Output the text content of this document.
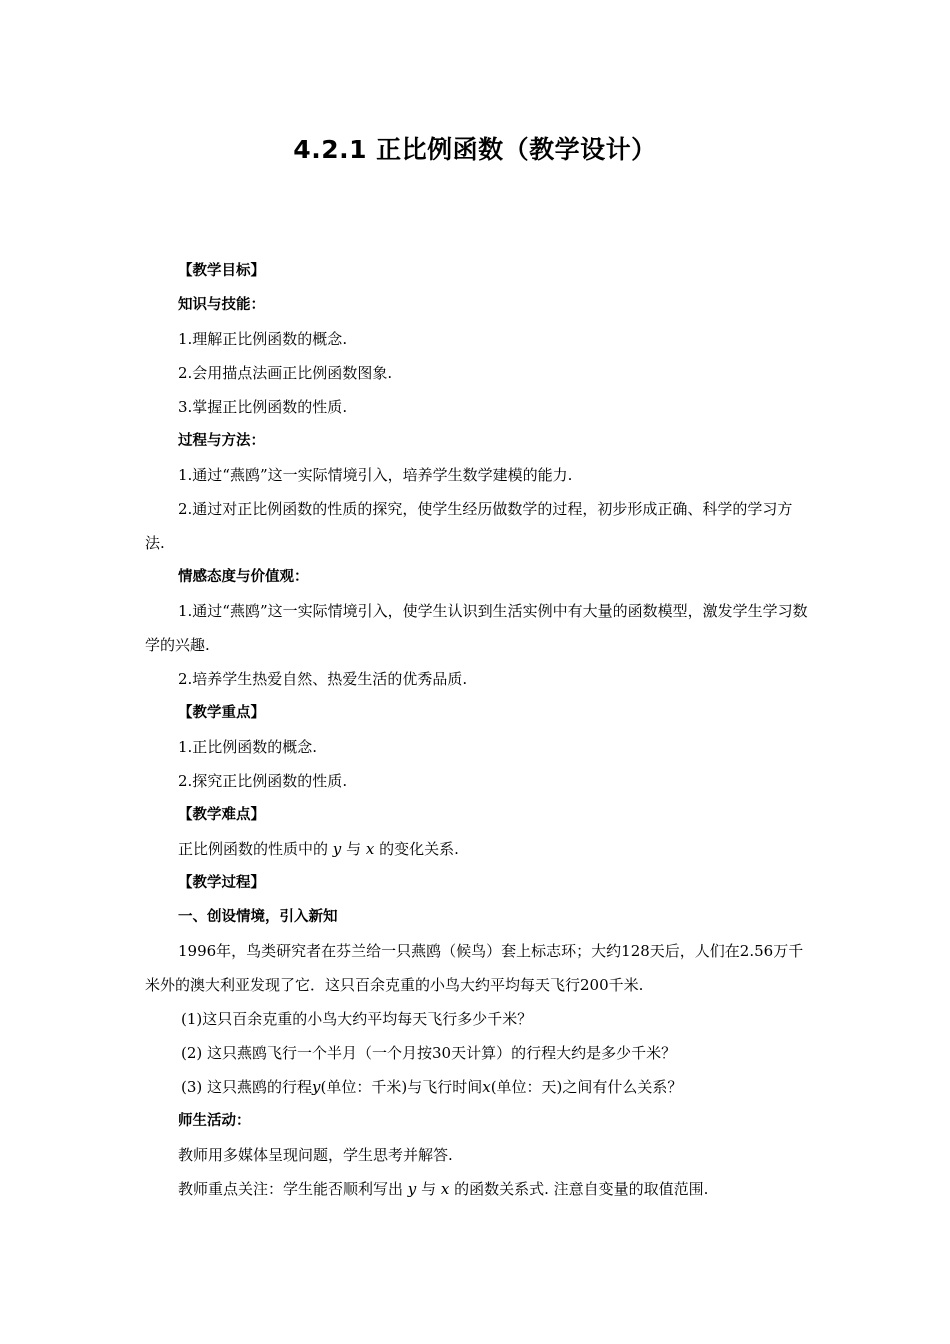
4.2.1 正比例函数（教学设计）

【教学目标】

知识与技能：

1.理解正比例函数的概念.

2.会用描点法画正比例函数图象.

3.掌握正比例函数的性质.

过程与方法：

1.通过“燕鸥”这一实际情境引入，培养学生数学建模的能力.

2.通过对正比例函数的性质的探究，使学生经历做数学的过程，初步形成正确、科学的学习方法.

情感态度与价值观：

1.通过“燕鸥”这一实际情境引入，使学生认识到生活实例中有大量的函数模型，激发学生学习数学的兴趣.

2.培养学生热爱自然、热爱生活的优秀品质.

【教学重点】

1.正比例函数的概念.

2.探究正比例函数的性质.

【教学难点】

正比例函数的性质中的 y 与 x 的变化关系.

【教学过程】

一、创设情境，引入新知

1996年，鸟类研究者在芬兰给一只燕鸥（候鸟）套上标志环；大约128天后，人们在2.56万千米外的澳大利亚发现了它．这只百余克重的小鸟大约平均每天飞行200千米.

(1)这只百余克重的小鸟大约平均每天飞行多少千米？

(2) 这只燕鸥飞行一个半月（一个月按30天计算）的行程大约是多少千米？

(3) 这只燕鸥的行程y(单位：千米)与飞行时间x(单位：天)之间有什么关系？

师生活动：

教师用多媒体呈现问题，学生思考并解答.

教师重点关注：学生能否顺利写出 y 与 x 的函数关系式. 注意自变量的取值范围.
